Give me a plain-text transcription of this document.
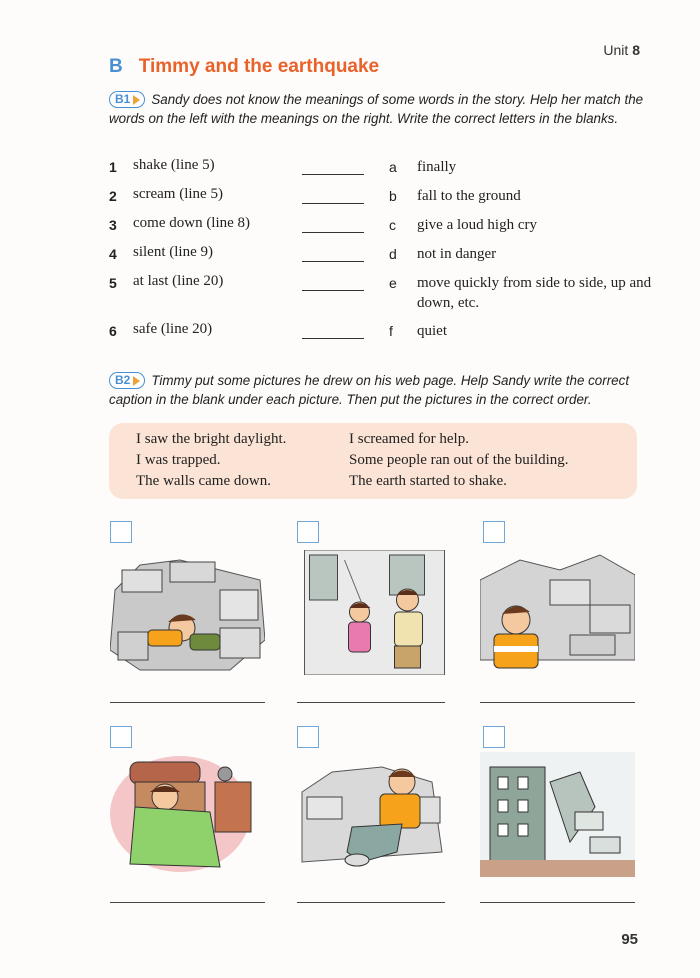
Unit 8
B Timmy and the earthquake
B1 Sandy does not know the meanings of some words in the story. Help her match the words on the left with the meanings on the right. Write the correct letters in the blanks.
1 shake (line 5)	a finally
2 scream (line 5)	b fall to the ground
3 come down (line 8)	c give a loud high cry
4 silent (line 9)	d not in danger
5 at last (line 20)	e move quickly from side to side, up and down, etc.
6 safe (line 20)	f quiet
B2 Timmy put some pictures he drew on his web page. Help Sandy write the correct caption in the blank under each picture. Then put the pictures in the correct order.
I saw the bright daylight.
I was trapped.
The walls came down.
I screamed for help.
Some people ran out of the building.
The earth started to shake.
95
